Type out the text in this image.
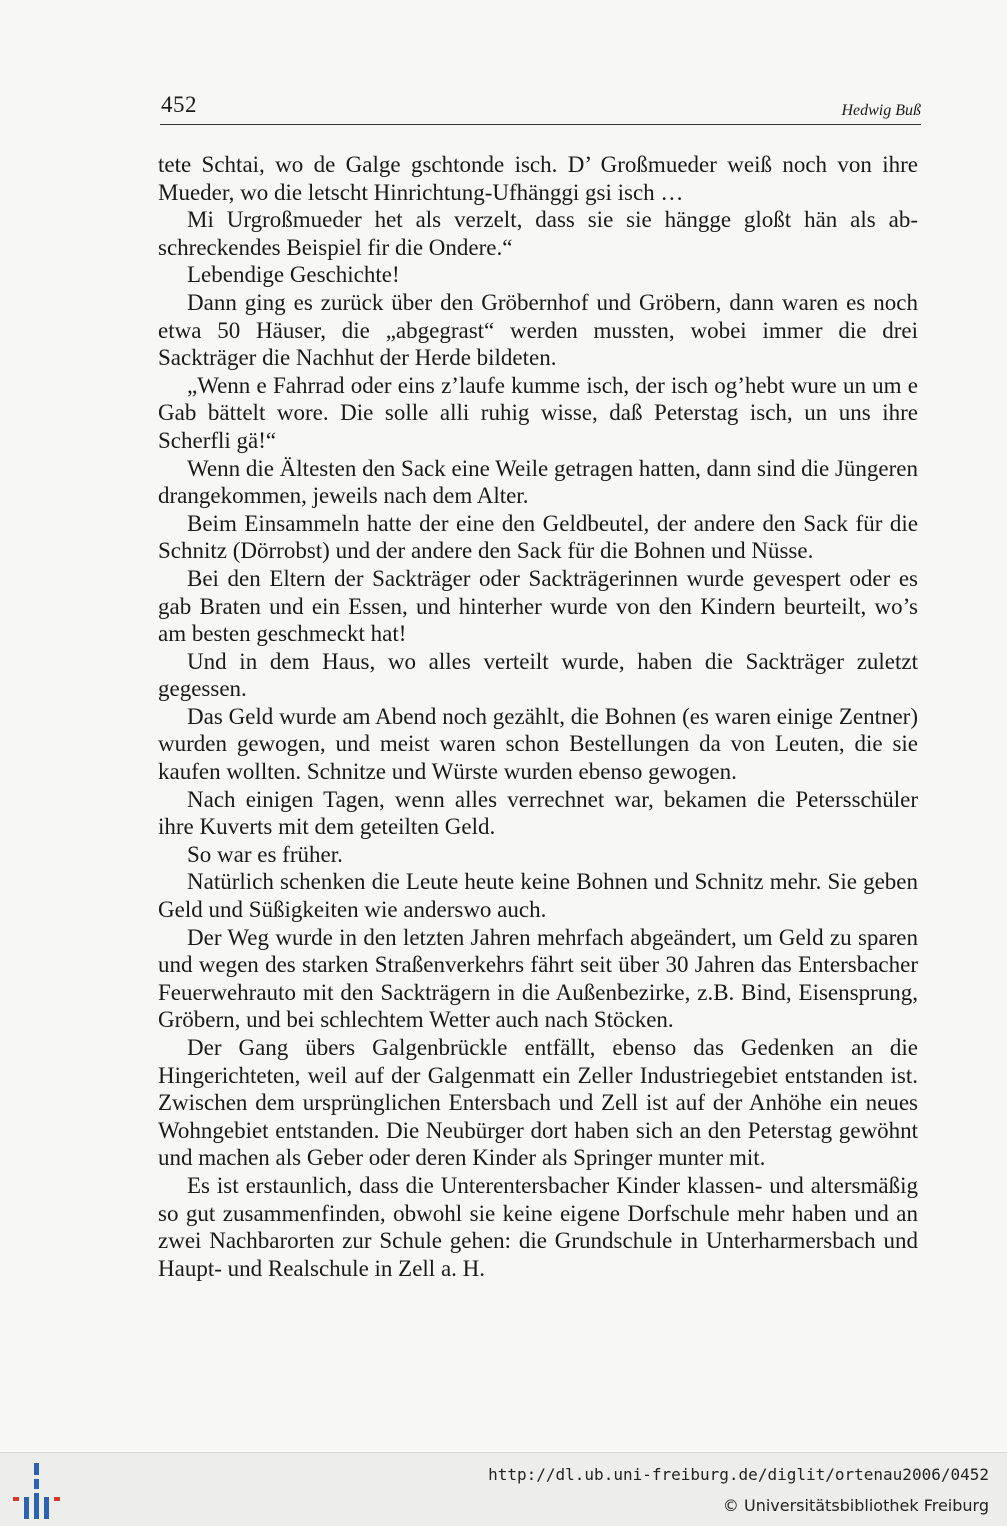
452	Hedwig Buß

tete Schtai, wo de Galge gschtonde isch. D’ Großmueder weiß noch von ihre Mueder, wo die letscht Hinrichtung-Ufhänggi gsi isch …

Mi Urgroßmueder het als verzelt, dass sie sie hängge gloßt hän als abschreckendes Beispiel fir die Ondere.“

Lebendige Geschichte!

Dann ging es zurück über den Gröbernhof und Gröbern, dann waren es noch etwa 50 Häuser, die „abgegrast“ werden mussten, wobei immer die drei Sackträger die Nachhut der Herde bildeten.

„Wenn e Fahrrad oder eins z’laufe kumme isch, der isch og’hebt wure un um e Gab bättelt wore. Die solle alli ruhig wisse, daß Peterstag isch, un uns ihre Scherfli gä!“

Wenn die Ältesten den Sack eine Weile getragen hatten, dann sind die Jüngeren drangekommen, jeweils nach dem Alter.

Beim Einsammeln hatte der eine den Geldbeutel, der andere den Sack für die Schnitz (Dörrobst) und der andere den Sack für die Bohnen und Nüsse.

Bei den Eltern der Sackträger oder Sackträgerinnen wurde gevespert oder es gab Braten und ein Essen, und hinterher wurde von den Kindern beurteilt, wo’s am besten geschmeckt hat!

Und in dem Haus, wo alles verteilt wurde, haben die Sackträger zuletzt gegessen.

Das Geld wurde am Abend noch gezählt, die Bohnen (es waren einige Zentner) wurden gewogen, und meist waren schon Bestellungen da von Leuten, die sie kaufen wollten. Schnitze und Würste wurden ebenso gewogen.

Nach einigen Tagen, wenn alles verrechnet war, bekamen die Petersschüler ihre Kuverts mit dem geteilten Geld.

So war es früher.

Natürlich schenken die Leute heute keine Bohnen und Schnitz mehr. Sie geben Geld und Süßigkeiten wie anderswo auch.

Der Weg wurde in den letzten Jahren mehrfach abgeändert, um Geld zu sparen und wegen des starken Straßenverkehrs fährt seit über 30 Jahren das Entersbacher Feuerwehrauto mit den Sackträgern in die Außenbezirke, z.B. Bind, Eisensprung, Gröbern, und bei schlechtem Wetter auch nach Stöcken.

Der Gang übers Galgenbrückle entfällt, ebenso das Gedenken an die Hingerichteten, weil auf der Galgenmatt ein Zeller Industriegebiet entstanden ist. Zwischen dem ursprünglichen Entersbach und Zell ist auf der Anhöhe ein neues Wohngebiet entstanden. Die Neubürger dort haben sich an den Peterstag gewöhnt und machen als Geber oder deren Kinder als Springer munter mit.

Es ist erstaunlich, dass die Unterentersbacher Kinder klassen- und altersmäßig so gut zusammenfinden, obwohl sie keine eigene Dorfschule mehr haben und an zwei Nachbarorten zur Schule gehen: die Grundschule in Unterharmersbach und Haupt- und Realschule in Zell a. H.

http://dl.ub.uni-freiburg.de/diglit/ortenau2006/0452
© Universitätsbibliothek Freiburg
